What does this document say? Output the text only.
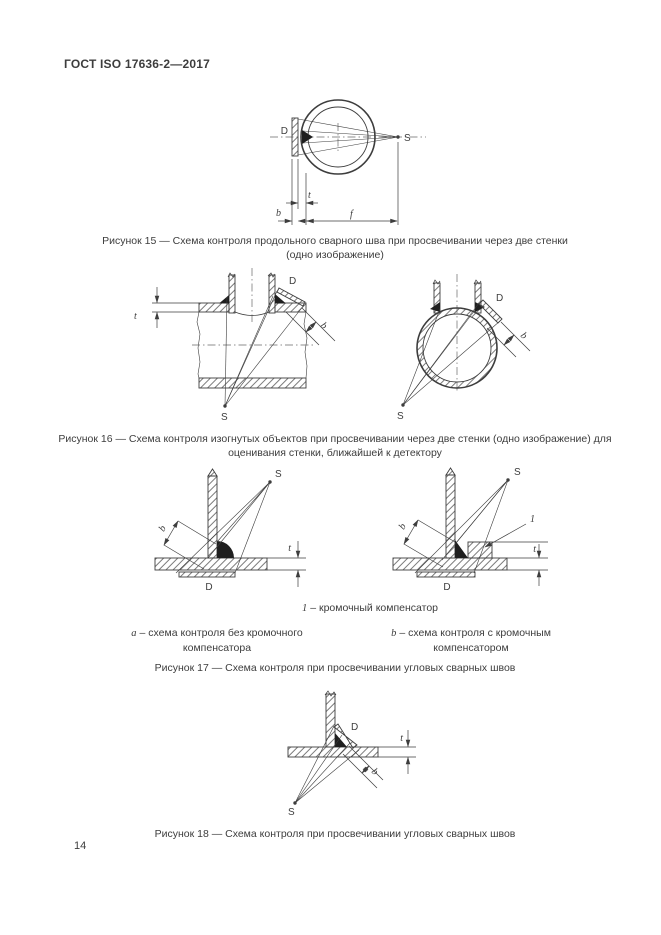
ГОСТ ISO 17636-2—2017
D
S
t
b	f
Рисунок 15 — Схема контроля продольного сварного шва при просвечивании через две стенки
(одно изображение)
D
S
t
b
D
S
b
Рисунок 16 — Схема контроля изогнутых объектов при просвечивании через две стенки (одно изображение) для
оценивания стенки, ближайшей к детектору
S
D
b
t
S
D
1
b
t
1 – кромочный компенсатор
a – схема контроля без кромочного
компенсатора
b – схема контроля с кромочным
компенсатором
Рисунок 17 — Схема контроля при просвечивании угловых сварных швов
D
S
b
t
Рисунок 18 — Схема контроля при просвечивании угловых сварных швов
14
